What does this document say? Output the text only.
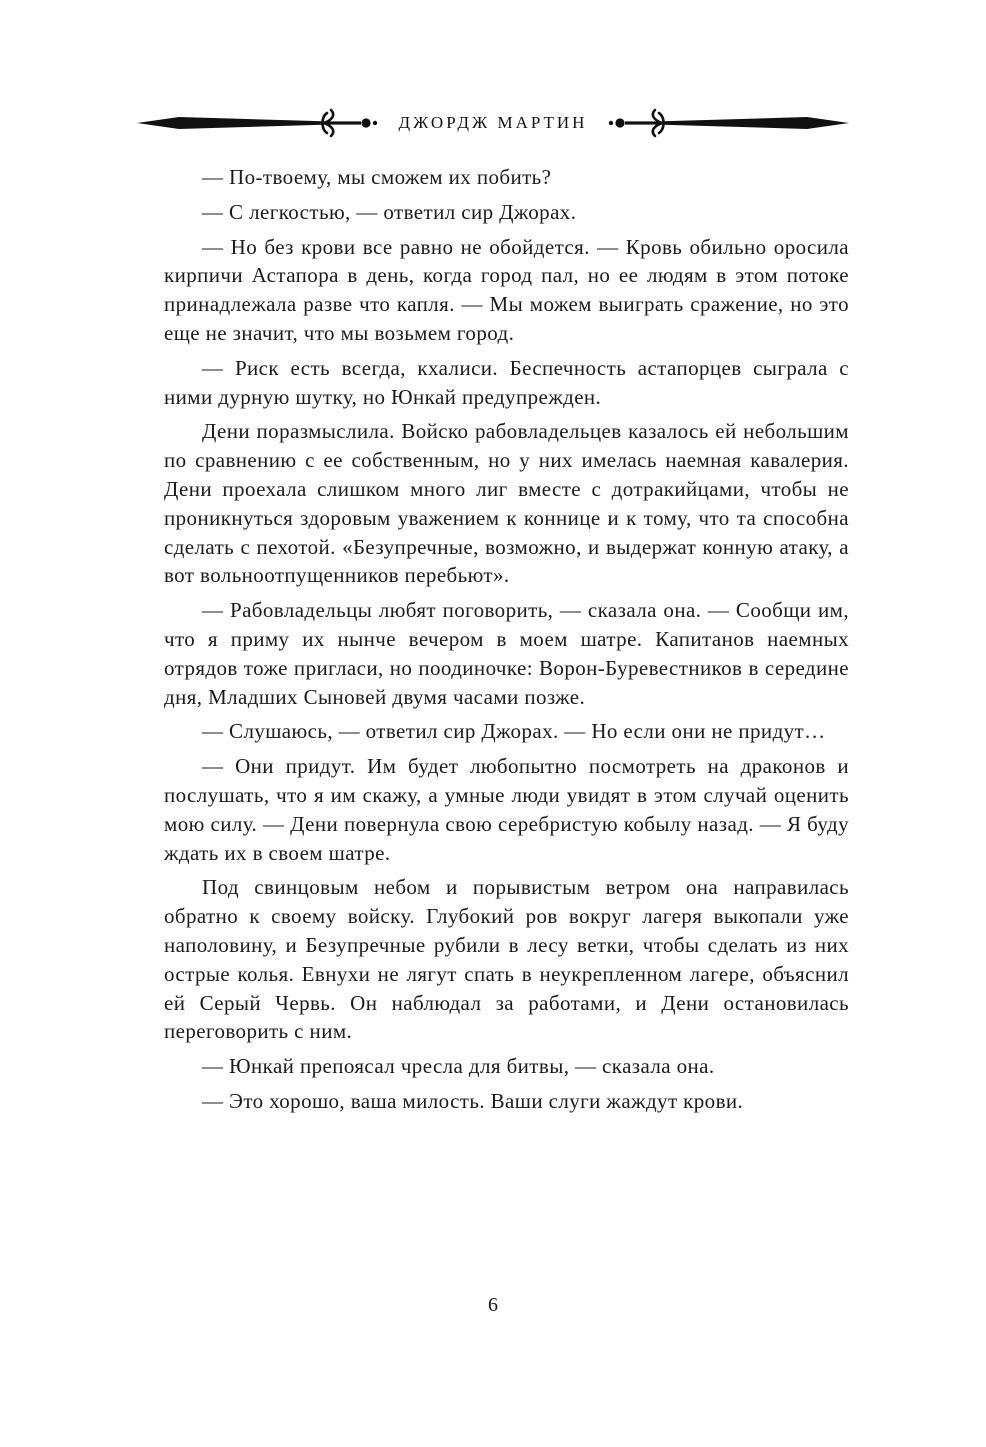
ДЖОРДЖ МАРТИН

— По-твоему, мы сможем их побить?

— С легкостью, — ответил сир Джорах.

— Но без крови все равно не обойдется. — Кровь обильно оросила кирпичи Астапора в день, когда город пал, но ее людям в этом потоке принадлежала разве что капля. — Мы можем выиграть сражение, но это еще не значит, что мы возьмем город.

— Риск есть всегда, кхалиси. Беспечность астапорцев сыграла с ними дурную шутку, но Юнкай предупрежден.

Дени поразмыслила. Войско рабовладельцев казалось ей небольшим по сравнению с ее собственным, но у них имелась наемная кавалерия. Дени проехала слишком много лиг вместе с дотракийцами, чтобы не проникнуться здоровым уважением к коннице и к тому, что та способна сделать с пехотой. «Безупречные, возможно, и выдержат конную атаку, а вот вольноотпущенников перебьют».

— Рабовладельцы любят поговорить, — сказала она. — Сообщи им, что я приму их нынче вечером в моем шатре. Капитанов наемных отрядов тоже пригласи, но поодиночке: Ворон-Буревестников в середине дня, Младших Сыновей двумя часами позже.

— Слушаюсь, — ответил сир Джорах. — Но если они не придут…

— Они придут. Им будет любопытно посмотреть на драконов и послушать, что я им скажу, а умные люди увидят в этом случай оценить мою силу. — Дени повернула свою серебристую кобылу назад. — Я буду ждать их в своем шатре.

Под свинцовым небом и порывистым ветром она направилась обратно к своему войску. Глубокий ров вокруг лагеря выкопали уже наполовину, и Безупречные рубили в лесу ветки, чтобы сделать из них острые колья. Евнухи не лягут спать в неукрепленном лагере, объяснил ей Серый Червь. Он наблюдал за работами, и Дени остановилась переговорить с ним.

— Юнкай препоясал чресла для битвы, — сказала она.

— Это хорошо, ваша милость. Ваши слуги жаждут крови.

6
